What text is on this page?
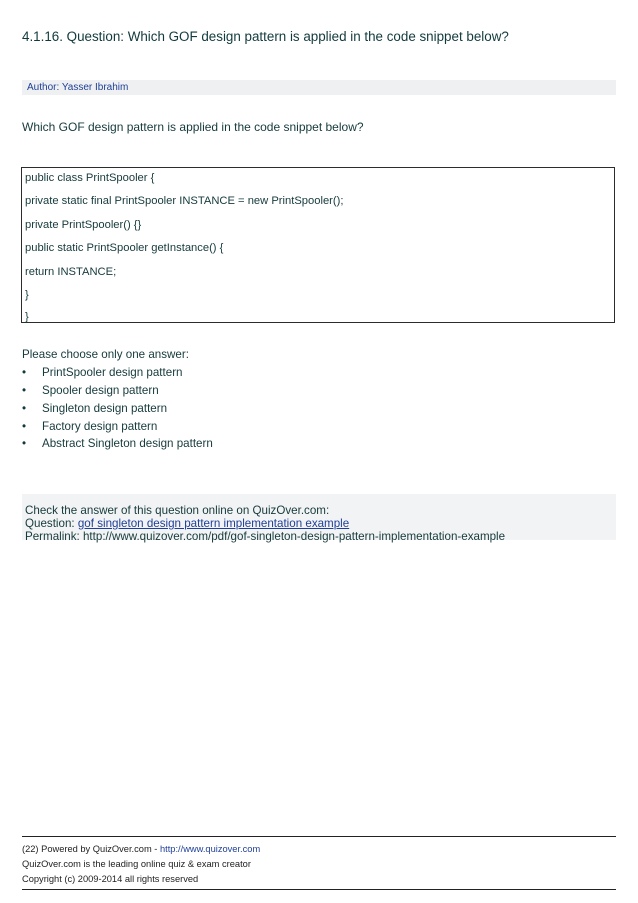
4.1.16. Question: Which GOF design pattern is applied in the code snippet below?
Author: Yasser Ibrahim
Which GOF design pattern is applied in the code snippet below?
public class PrintSpooler {
private static final PrintSpooler INSTANCE = new PrintSpooler();
private PrintSpooler() {}
public static PrintSpooler getInstance() {
return INSTANCE;
}
}
Please choose only one answer:
• PrintSpooler design pattern
• Spooler design pattern
• Singleton design pattern
• Factory design pattern
• Abstract Singleton design pattern
Check the answer of this question online on QuizOver.com:
Question: gof singleton design pattern implementation example
Permalink: http://www.quizover.com/pdf/gof-singleton-design-pattern-implementation-example
(22) Powered by QuizOver.com - http://www.quizover.com
QuizOver.com is the leading online quiz & exam creator
Copyright (c) 2009-2014 all rights reserved
